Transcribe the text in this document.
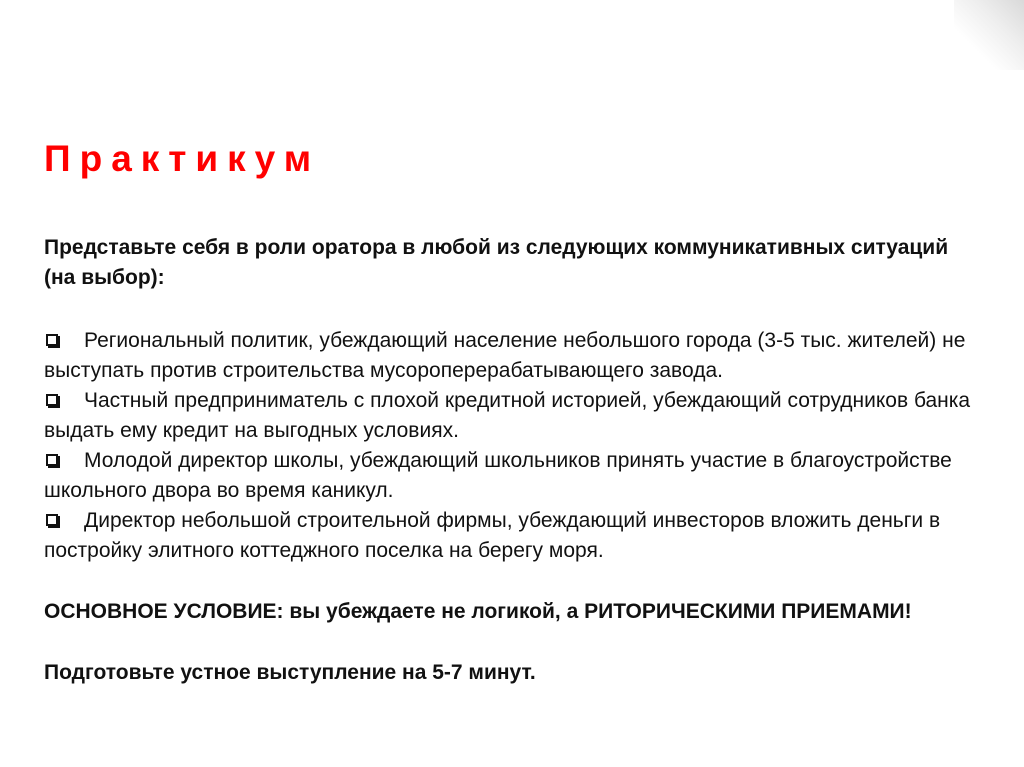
Практикум

Представьте себя в роли оратора в любой из следующих коммуникативных ситуаций (на выбор):

Региональный политик, убеждающий население небольшого города (3-5 тыс. жителей) не выступать против строительства мусороперерабатывающего завода.
Частный предприниматель с плохой кредитной историей, убеждающий сотрудников банка выдать ему кредит на выгодных условиях.
Молодой директор школы, убеждающий школьников принять участие в благоустройстве школьного двора во время каникул.
Директор небольшой строительной фирмы, убеждающий инвесторов вложить деньги в постройку элитного коттеджного поселка на берегу моря.

ОСНОВНОЕ УСЛОВИЕ: вы убеждаете не логикой, а РИТОРИЧЕСКИМИ ПРИЕМАМИ!

Подготовьте устное выступление на 5-7 минут.
